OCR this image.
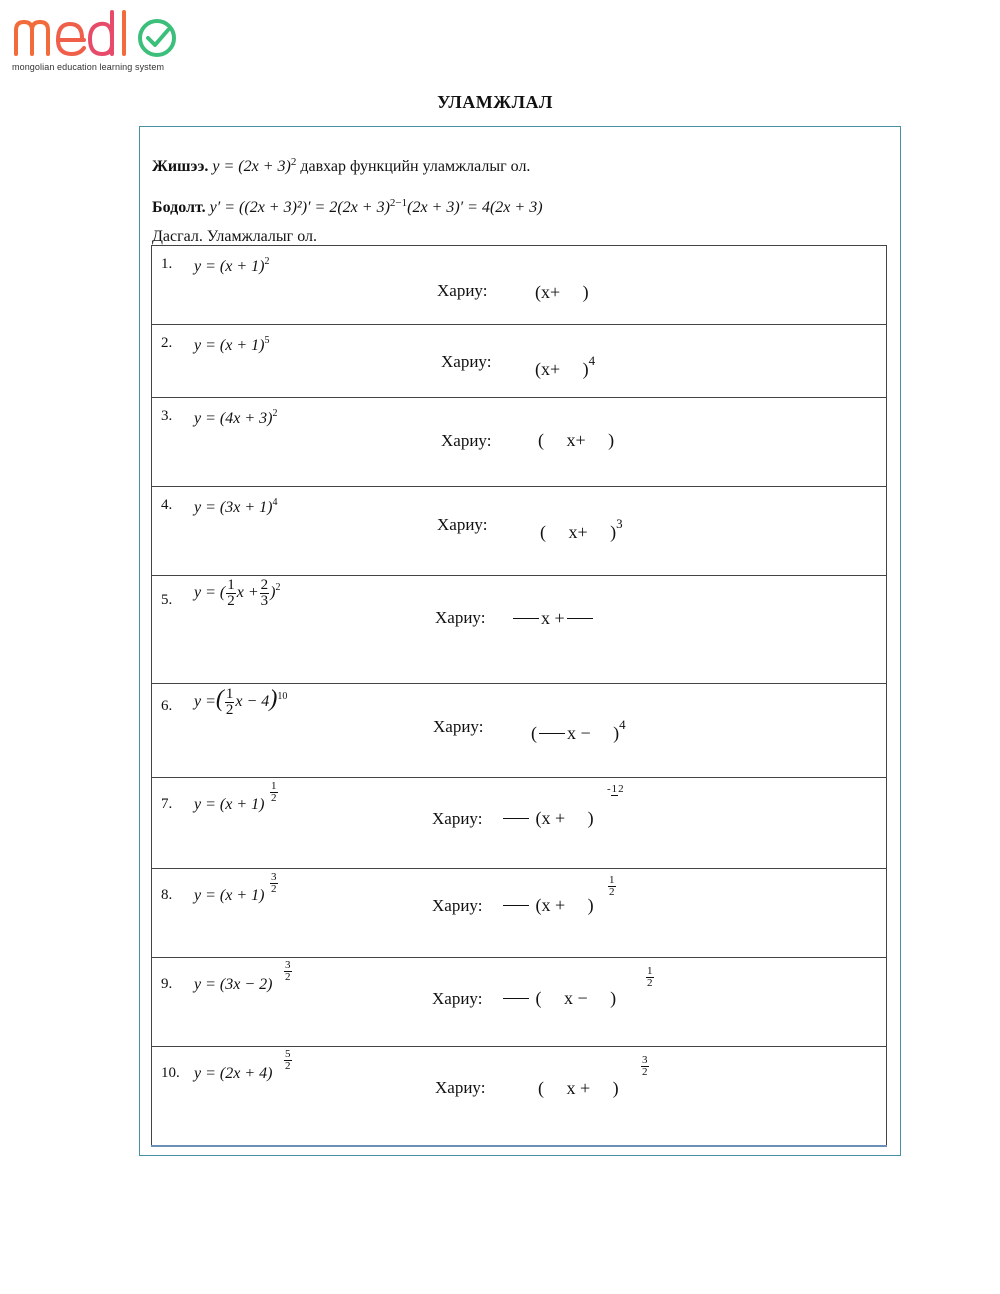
mongolian education learning system
УЛАМЖЛАЛ
Жишээ. $y = (2x + 3)^2$ давхар функцийн уламжлалыг ол.
Бодолт. $y' = ((2x + 3)^2)' = 2(2x + 3)^{2-1}(2x + 3)' = 4(2x + 3)$
Дасгал. Уламжлалыг ол.
1. $y = (x + 1)^2$
Хариу:	(x+     )

2. $y = (x + 1)^5$
Хариу: (x+     )$^4$

3. $y = (4x + 3)^2$
Хариу:	(     x+     )

4. $y = (3x + 1)^4$
Хариу:	(     x+     )$^3$

5. y = ( $\frac{1}{2}$ $x + \frac{2}{3} )^2$
Хариу:	x +

6. y =( $\frac{1}{2}$ x − 4)$^{10}$
Хариу:	( x −     )$^4$

7. y = (x + 1)
1
2
Хариу:	(x +     )
-12

8. y = (x + 1)
3
2
Хариу:	(x +     )
1
2

9. y = (3x − 2)
3
2
Хариу:	(     x −     )
1
2

10. y = (2x + 4)
5
2
Хариу:	(     x +     )
3
2
